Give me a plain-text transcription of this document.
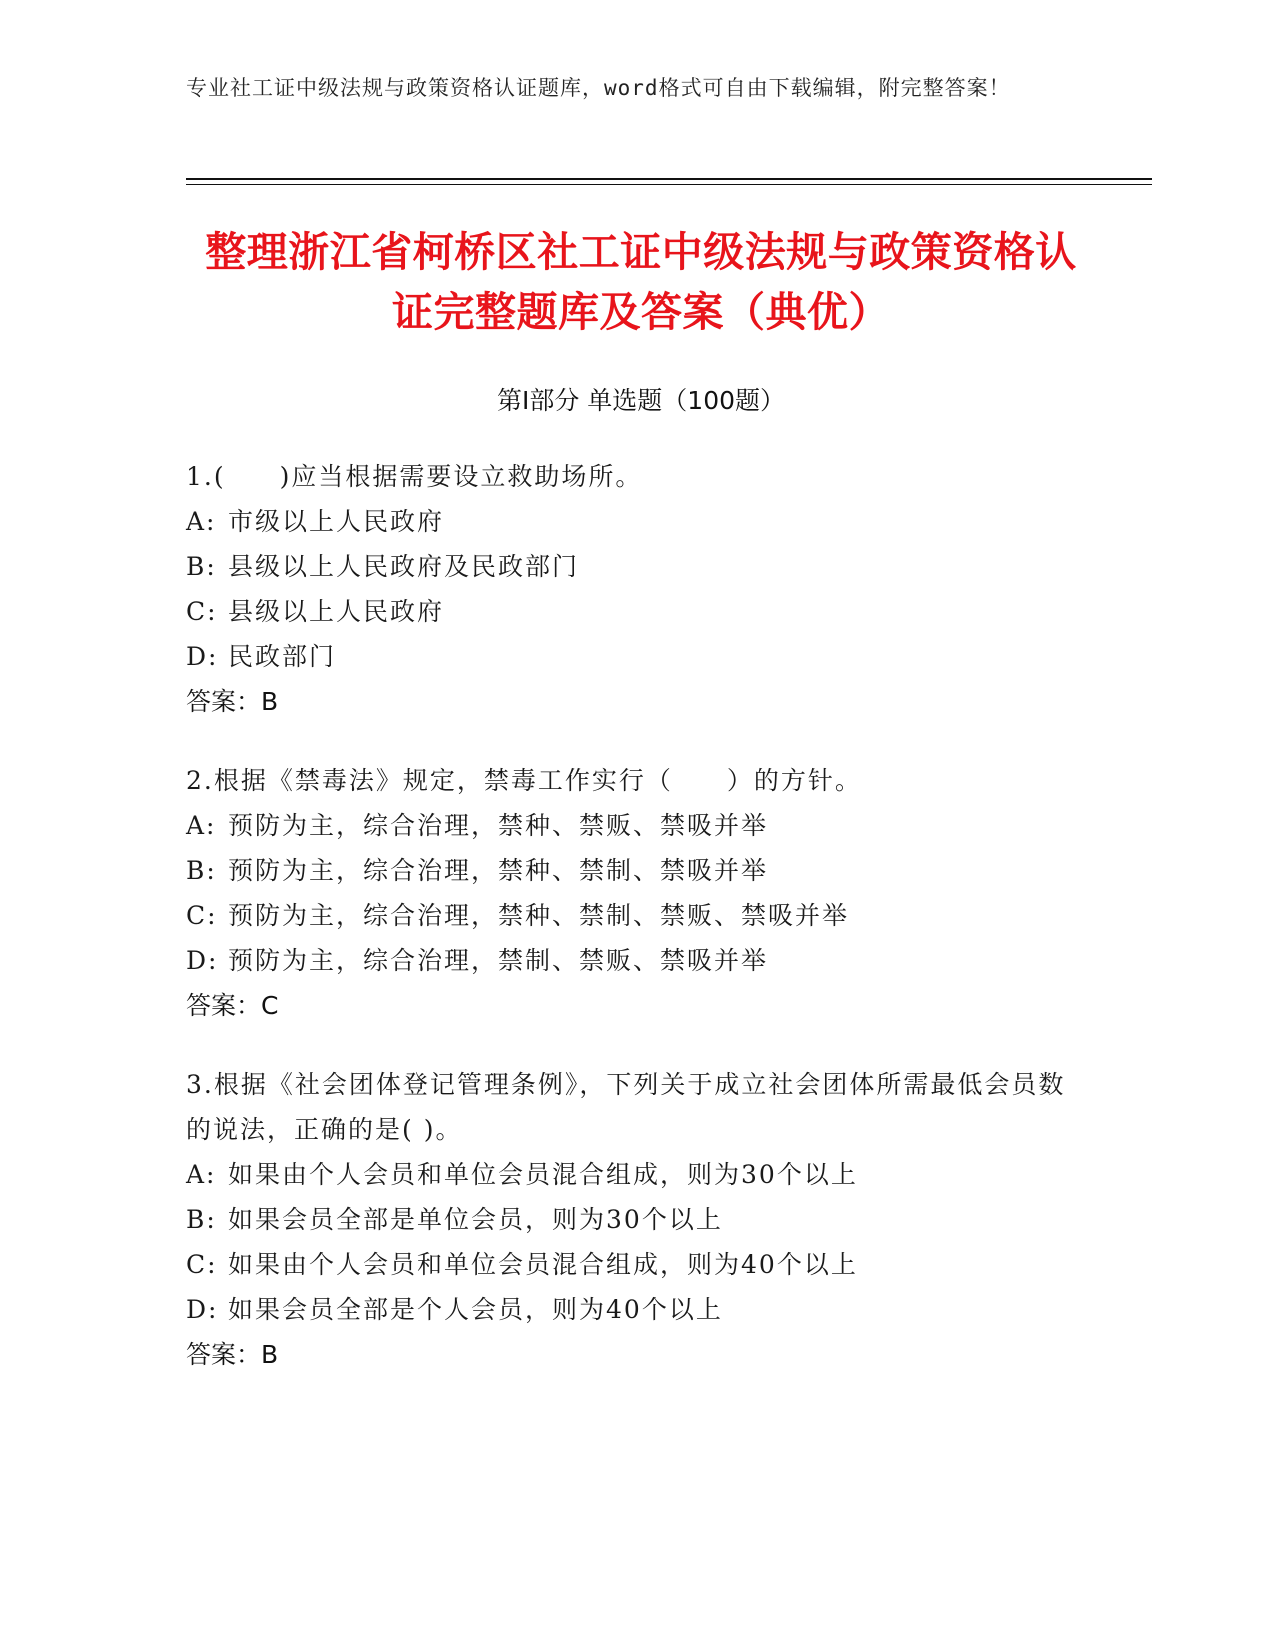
专业社工证中级法规与政策资格认证题库，word格式可自由下载编辑，附完整答案！
整理浙江省柯桥区社工证中级法规与政策资格认证完整题库及答案（典优）
第Ⅰ部分 单选题（100题）
1.(　　)应当根据需要设立救助场所。
A: 市级以上人民政府
B: 县级以上人民政府及民政部门
C: 县级以上人民政府
D: 民政部门
答案：B
2.根据《禁毒法》规定，禁毒工作实行（　　）的方针。
A: 预防为主，综合治理，禁种、禁贩、禁吸并举
B: 预防为主，综合治理，禁种、禁制、禁吸并举
C: 预防为主，综合治理，禁种、禁制、禁贩、禁吸并举
D: 预防为主，综合治理，禁制、禁贩、禁吸并举
答案：C
3.根据《社会团体登记管理条例》，下列关于成立社会团体所需最低会员数的说法，正确的是( )。
A: 如果由个人会员和单位会员混合组成，则为30个以上
B: 如果会员全部是单位会员，则为30个以上
C: 如果由个人会员和单位会员混合组成，则为40个以上
D: 如果会员全部是个人会员，则为40个以上
答案：B
